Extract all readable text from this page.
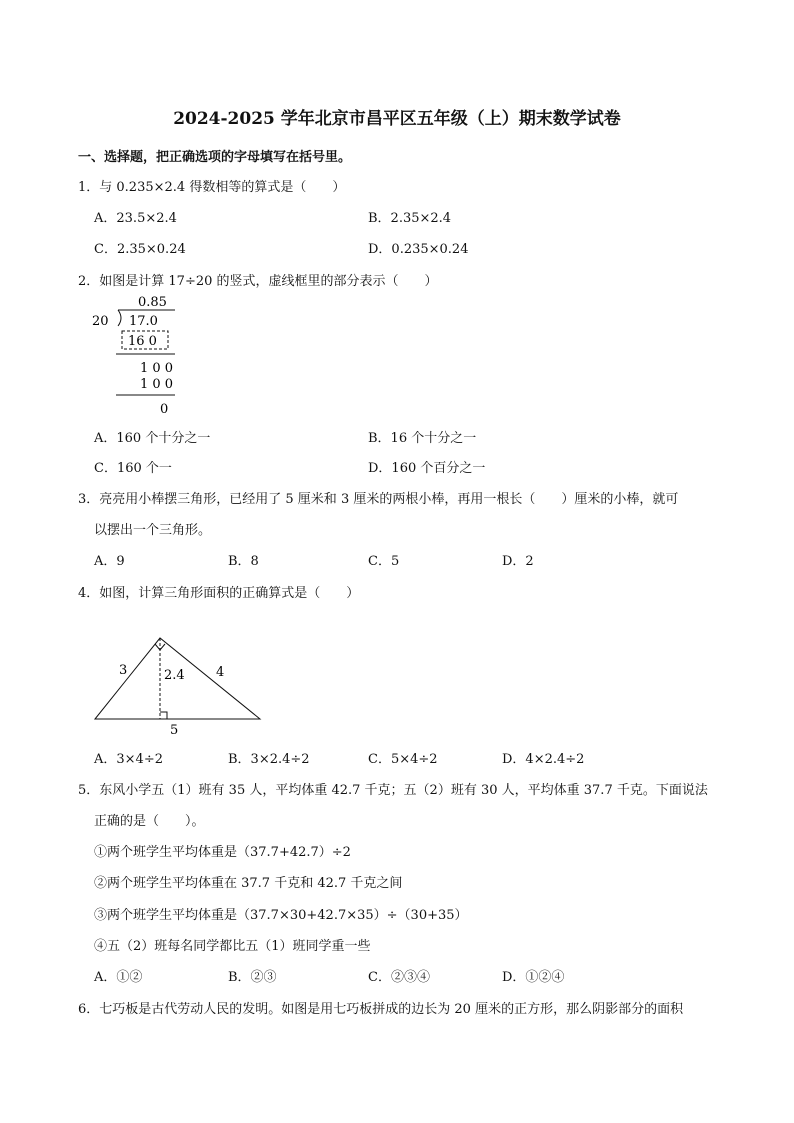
2024-2025 学年北京市昌平区五年级（上）期末数学试卷
一、选择题，把正确选项的字母填写在括号里。
1．与 0.235×2.4 得数相等的算式是（　　）
A．23.5×2.4	B．2.35×2.4
C．2.35×0.24	D．0.235×0.24
2．如图是计算 17÷20 的竖式，虚线框里的部分表示（　　）
0.85
20 17.0
16 0
1 0 0
1 0 0
0
A．160 个十分之一	B．16 个十分之一
C．160 个一	D．160 个百分之一
3．亮亮用小棒摆三角形，已经用了 5 厘米和 3 厘米的两根小棒，再用一根长（　　）厘米的小棒，就可
以摆出一个三角形。
A．9	B．8	C．5	D．2
4．如图，计算三角形面积的正确算式是（　　）
3	2.4 4
5
A．3×4÷2	B．3×2.4÷2	C．5×4÷2	D．4×2.4÷2
5．东风小学五（1）班有 35 人，平均体重 42.7 千克；五（2）班有 30 人，平均体重 37.7 千克。下面说法
正确的是（　　）。
①两个班学生平均体重是（37.7+42.7）÷2
②两个班学生平均体重在 37.7 千克和 42.7 千克之间
③两个班学生平均体重是（37.7×30+42.7×35）÷（30+35）
④五（2）班每名同学都比五（1）班同学重一些
A．①②	B．②③	C．②③④	D．①②④
6．七巧板是古代劳动人民的发明。如图是用七巧板拼成的边长为 20 厘米的正方形，那么阴影部分的面积
